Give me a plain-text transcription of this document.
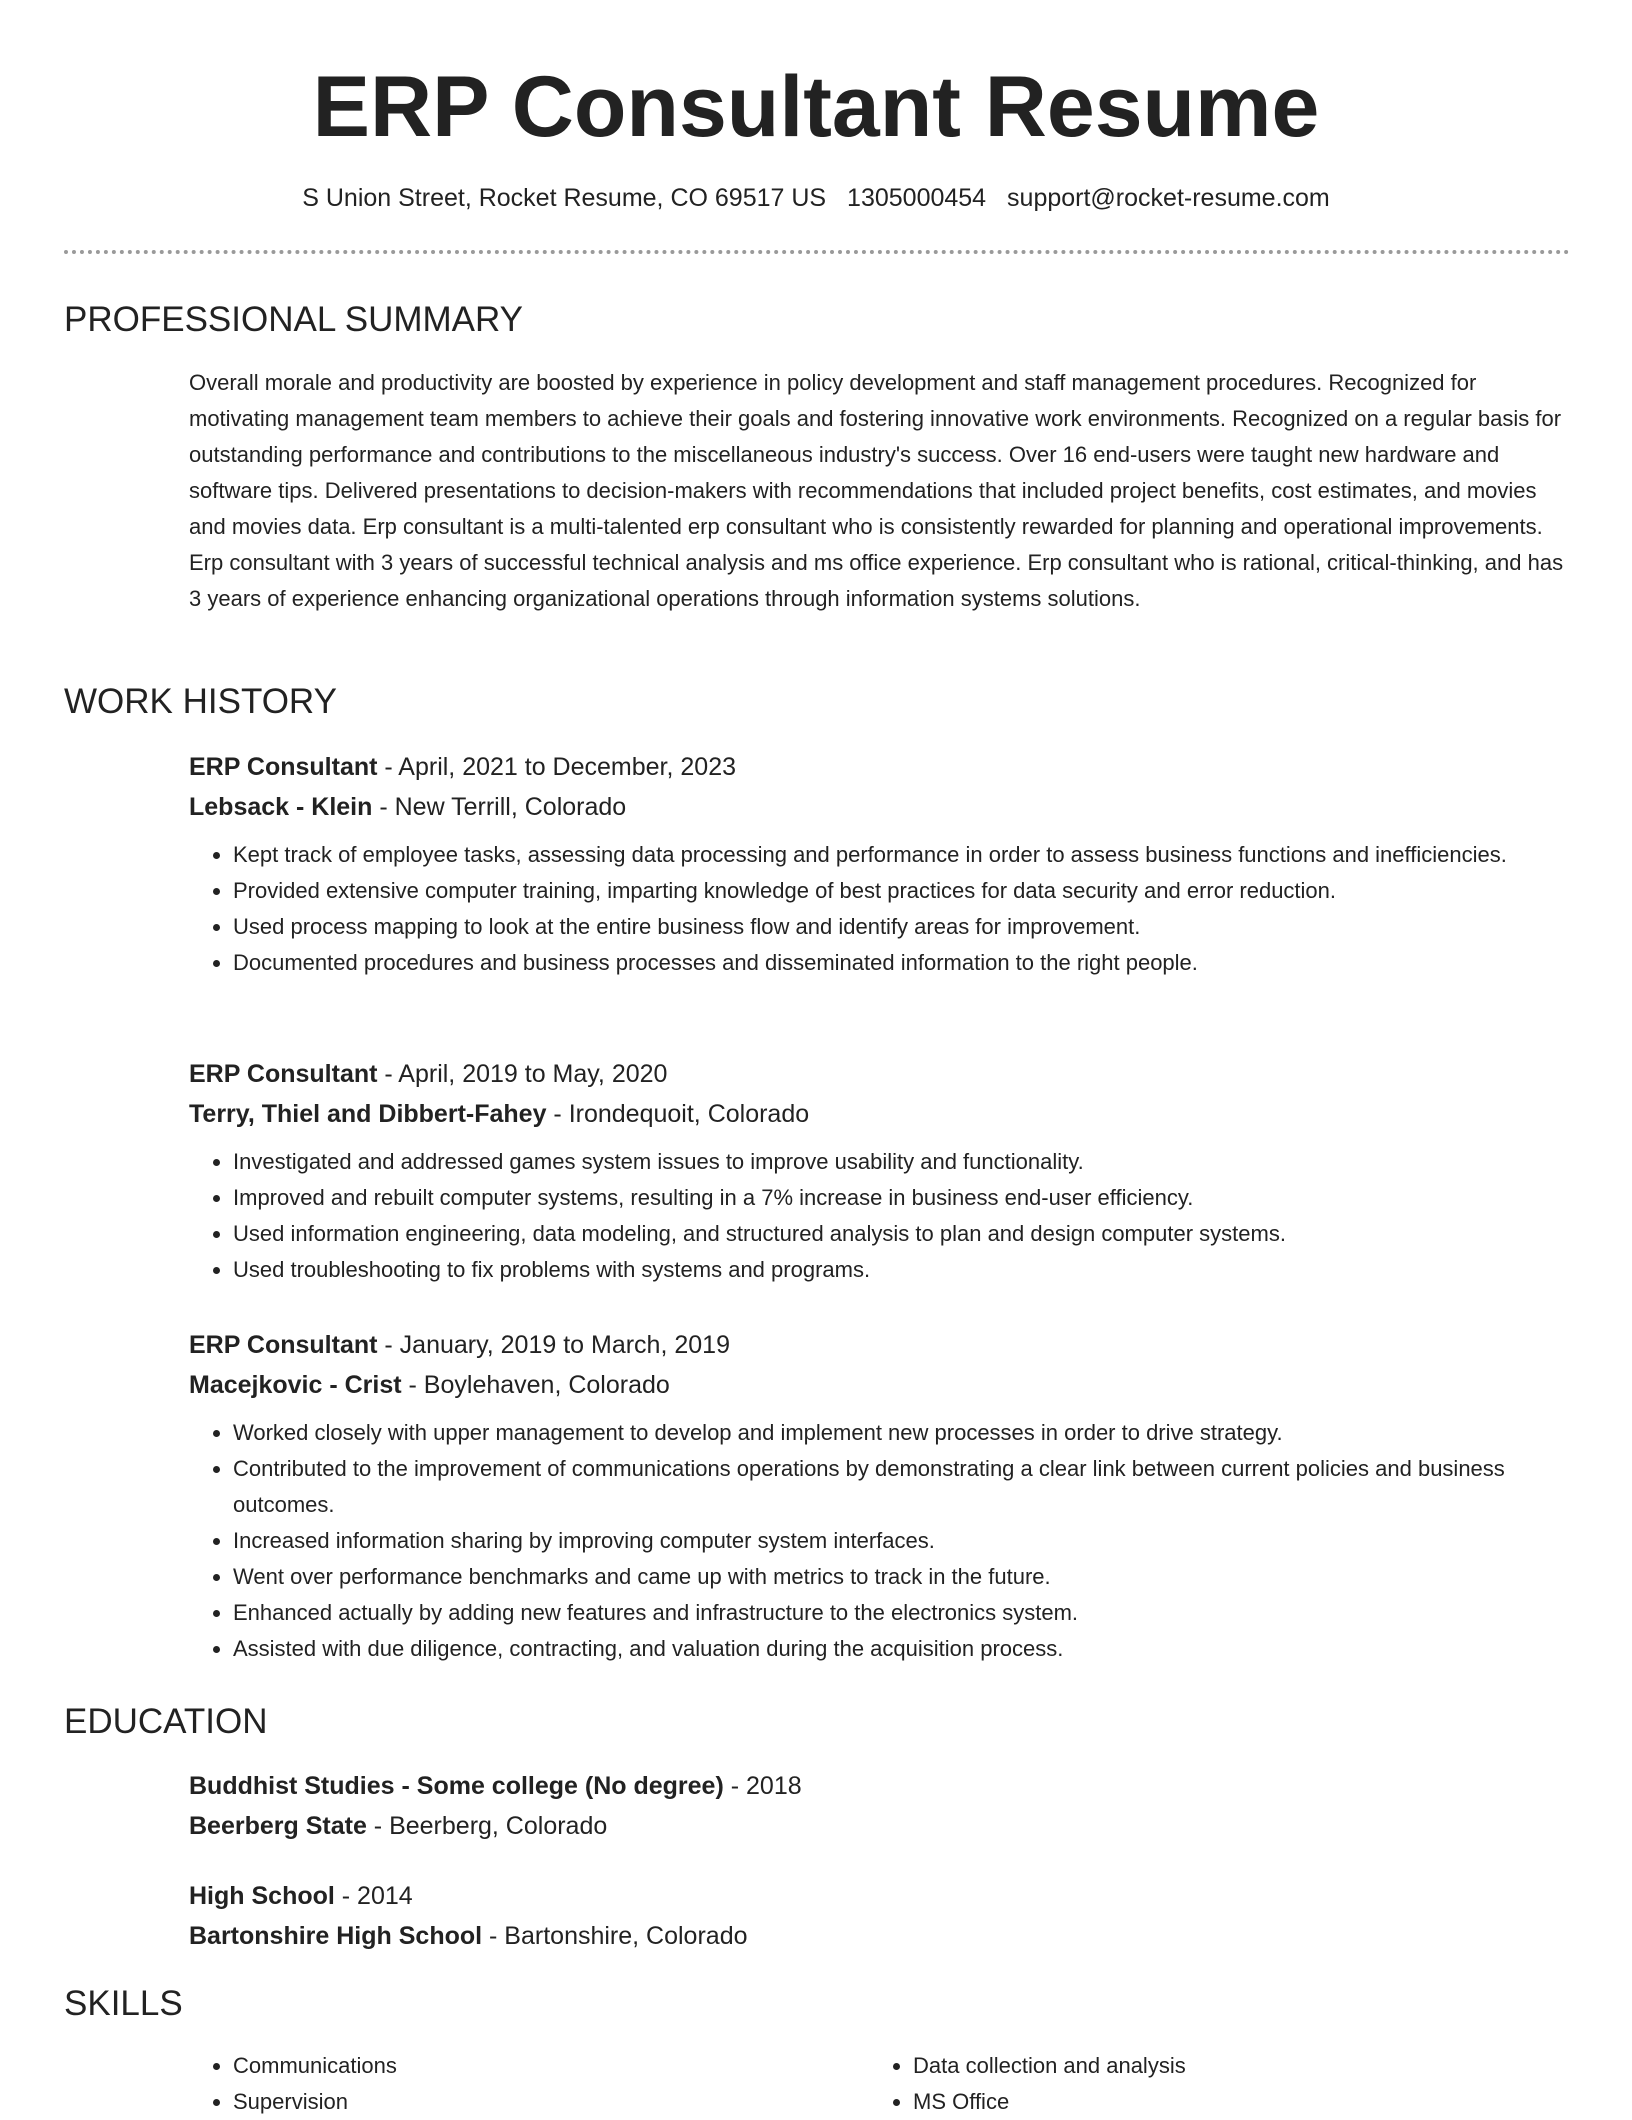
ERP Consultant Resume
S Union Street, Rocket Resume, CO 69517 US 1305000454 support@rocket-resume.com
PROFESSIONAL SUMMARY

Overall morale and productivity are boosted by experience in policy development and staff management procedures. Recognized for motivating management team members to achieve their goals and fostering innovative work environments. Recognized on a regular basis for outstanding performance and contributions to the miscellaneous industry's success. Over 16 end-users were taught new hardware and software tips. Delivered presentations to decision-makers with recommendations that included project benefits, cost estimates, and movies and movies data. Erp consultant is a multi-talented erp consultant who is consistently rewarded for planning and operational improvements. Erp consultant with 3 years of successful technical analysis and ms office experience. Erp consultant who is rational, critical-thinking, and has 3 years of experience enhancing organizational operations through information systems solutions.

WORK HISTORY
ERP Consultant - April, 2021 to December, 2023
Lebsack - Klein - New Terrill, Colorado
• Kept track of employee tasks, assessing data processing and performance in order to assess business functions and inefficiencies.
• Provided extensive computer training, imparting knowledge of best practices for data security and error reduction.
• Used process mapping to look at the entire business flow and identify areas for improvement.
• Documented procedures and business processes and disseminated information to the right people.
ERP Consultant - April, 2019 to May, 2020
Terry, Thiel and Dibbert-Fahey - Irondequoit, Colorado
• Investigated and addressed games system issues to improve usability and functionality.
• Improved and rebuilt computer systems, resulting in a 7% increase in business end-user efficiency.
• Used information engineering, data modeling, and structured analysis to plan and design computer systems.
• Used troubleshooting to fix problems with systems and programs.
ERP Consultant - January, 2019 to March, 2019
Macejkovic - Crist - Boylehaven, Colorado
• Worked closely with upper management to develop and implement new processes in order to drive strategy.
• Contributed to the improvement of communications operations by demonstrating a clear link between current policies and business outcomes.
• Increased information sharing by improving computer system interfaces.
• Went over performance benchmarks and came up with metrics to track in the future.
• Enhanced actually by adding new features and infrastructure to the electronics system.
• Assisted with due diligence, contracting, and valuation during the acquisition process.
EDUCATION
Buddhist Studies - Some college (No degree) - 2018
Beerberg State - Beerberg, Colorado
High School - 2014
Bartonshire High School - Bartonshire, Colorado
SKILLS
• Communications
• Supervision
• Data collection and analysis
• MS Office
